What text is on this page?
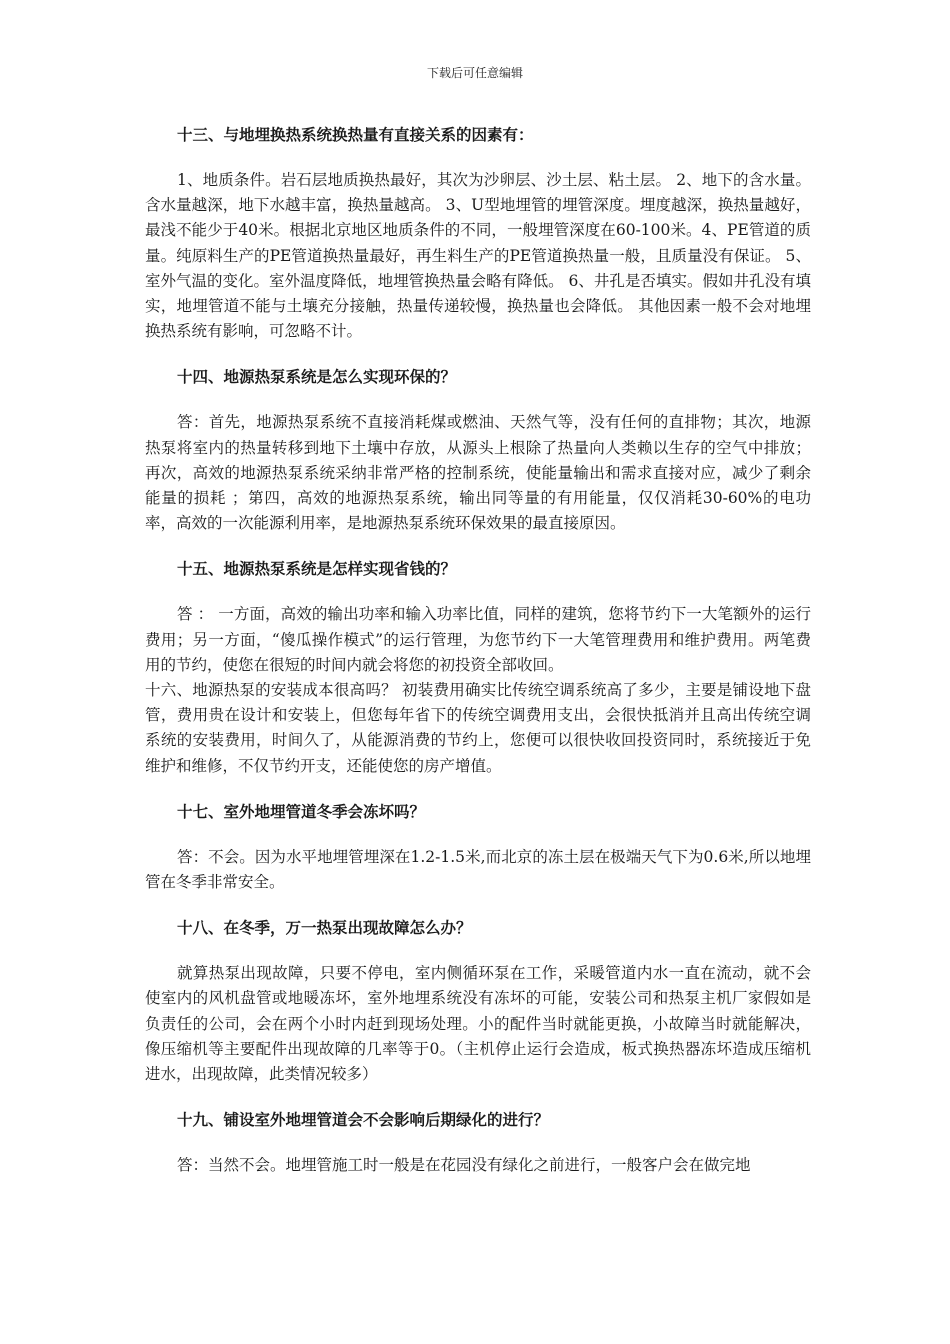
下载后可任意编辑

十三、与地埋换热系统换热量有直接关系的因素有：

1、地质条件。岩石层地质换热最好，其次为沙卵层、沙土层、粘土层。 2、地下的含水量。含水量越深，地下水越丰富，换热量越高。 3、U型地埋管的埋管深度。埋度越深，换热量越好，最浅不能少于40米。根据北京地区地质条件的不同，一般埋管深度在60-100米。4、PE管道的质量。纯原料生产的PE管道换热量最好，再生料生产的PE管道换热量一般，且质量没有保证。 5、室外气温的变化。室外温度降低，地埋管换热量会略有降低。 6、井孔是否填实。假如井孔没有填实，地埋管道不能与土壤充分接触，热量传递较慢，换热量也会降低。 其他因素一般不会对地埋换热系统有影响，可忽略不计。

十四、地源热泵系统是怎么实现环保的？

答：首先，地源热泵系统不直接消耗煤或燃油、天然气等，没有任何的直排物；其次，地源热泵将室内的热量转移到地下土壤中存放，从源头上根除了热量向人类赖以生存的空气中排放；再次，高效的地源热泵系统采纳非常严格的控制系统，使能量输出和需求直接对应，减少了剩余能量的损耗 ；第四，高效的地源热泵系统，输出同等量的有用能量，仅仅消耗30-60%的电功率，高效的一次能源利用率，是地源热泵系统环保效果的最直接原因。

十五、地源热泵系统是怎样实现省钱的？

答 ： 一方面，高效的输出功率和输入功率比值，同样的建筑，您将节约下一大笔额外的运行费用；另一方面，“傻瓜操作模式”的运行管理，为您节约下一大笔管理费用和维护费用。两笔费用的节约，使您在很短的时间内就会将您的初投资全部收回。

十六、地源热泵的安装成本很高吗？ 初装费用确实比传统空调系统高了多少，主要是铺设地下盘管，费用贵在设计和安装上，但您每年省下的传统空调费用支出，会很快抵消并且高出传统空调系统的安装费用，时间久了，从能源消费的节约上，您便可以很快收回投资同时，系统接近于免维护和维修，不仅节约开支，还能使您的房产增值。

十七、室外地埋管道冬季会冻坏吗？

答：不会。因为水平地埋管埋深在1.2-1.5米,而北京的冻土层在极端天气下为0.6米,所以地埋管在冬季非常安全。

十八、在冬季，万一热泵出现故障怎么办？

就算热泵出现故障，只要不停电，室内侧循环泵在工作，采暖管道内水一直在流动，就不会使室内的风机盘管或地暖冻坏，室外地埋系统没有冻坏的可能，安装公司和热泵主机厂家假如是负责任的公司，会在两个小时内赶到现场处理。小的配件当时就能更换，小故障当时就能解决，像压缩机等主要配件出现故障的几率等于0。（主机停止运行会造成，板式换热器冻坏造成压缩机进水，出现故障，此类情况较多）

十九、铺设室外地埋管道会不会影响后期绿化的进行？

答：当然不会。地埋管施工时一般是在花园没有绿化之前进行，一般客户会在做完地
